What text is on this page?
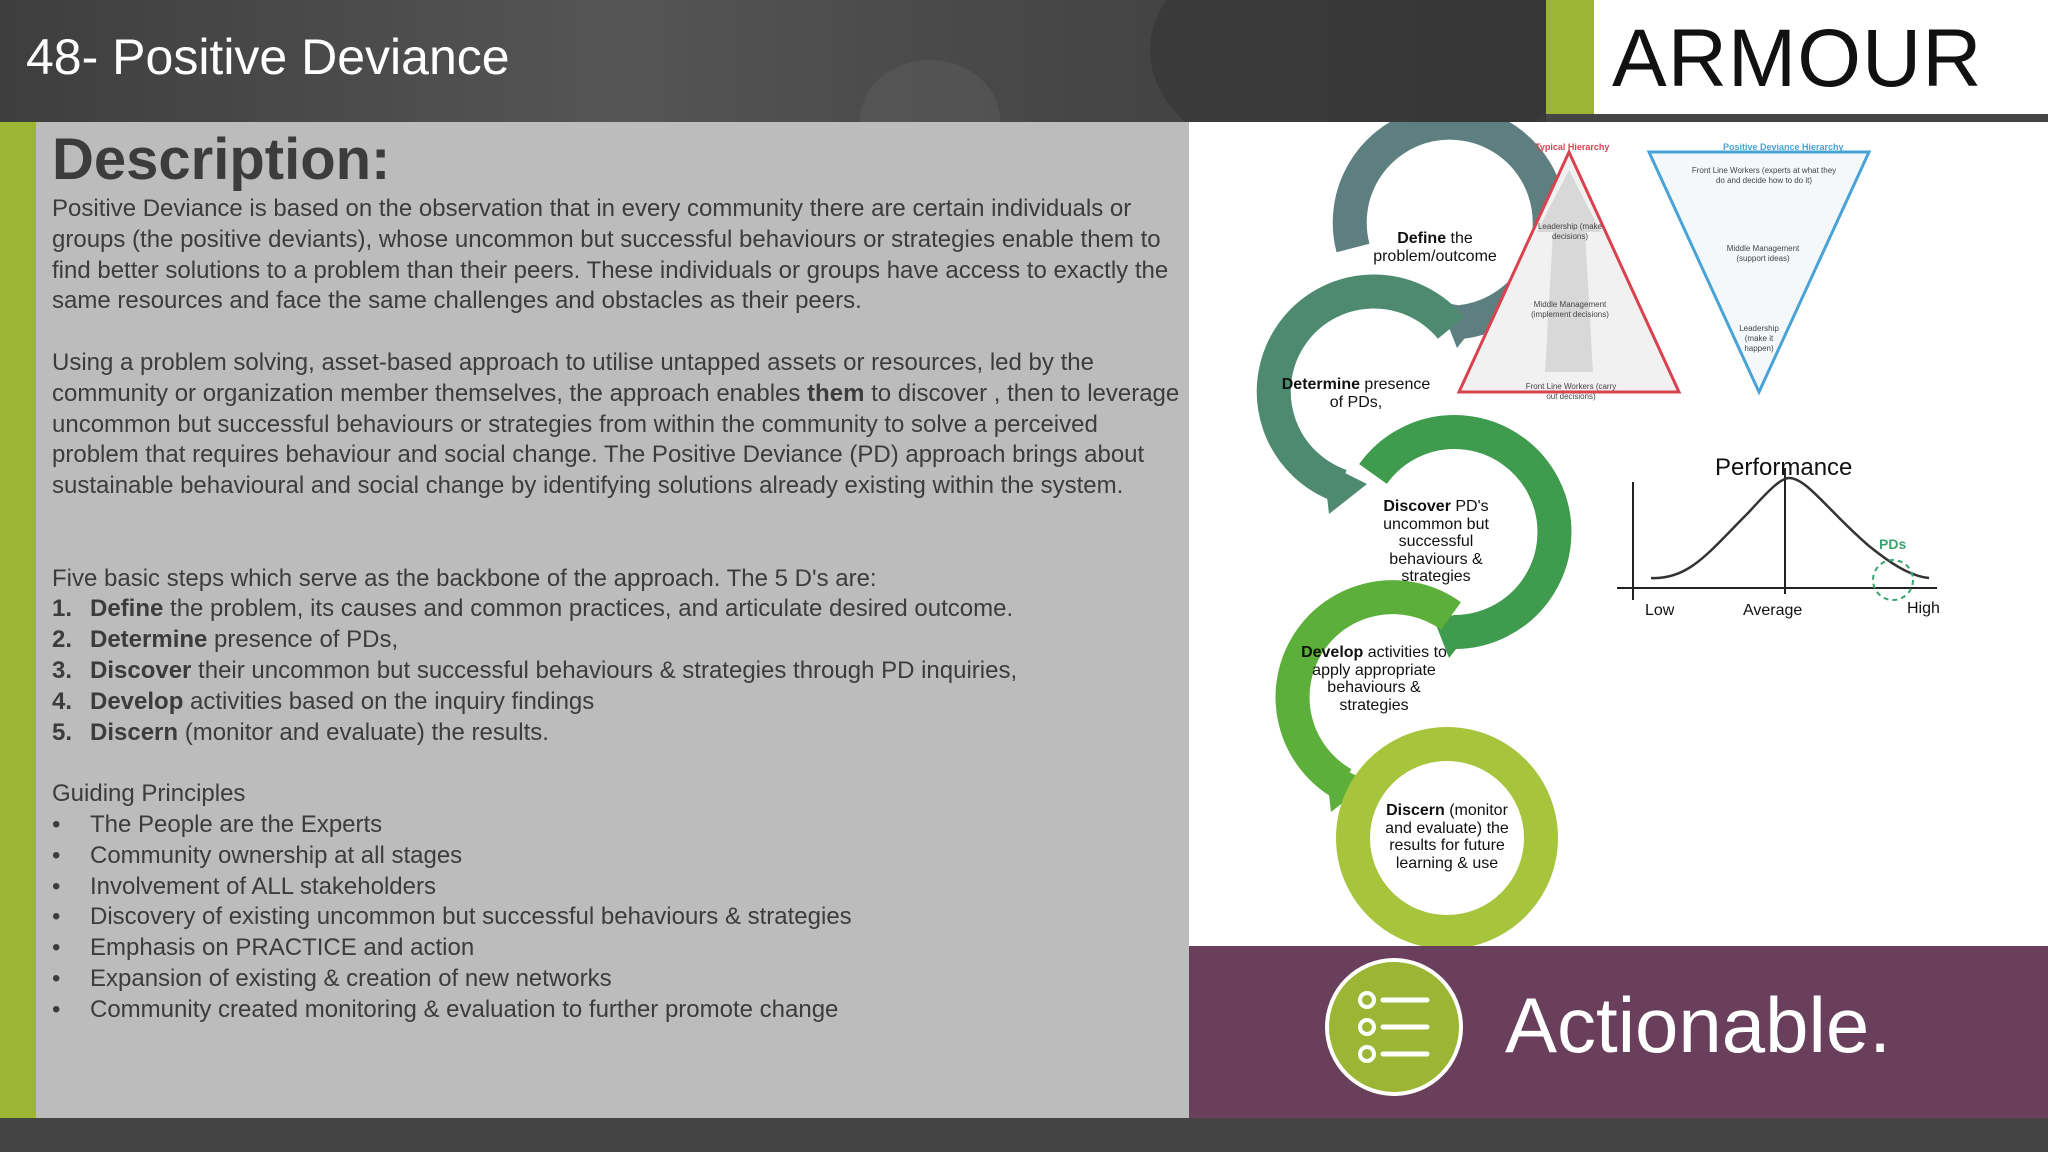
48- Positive Deviance	ARMOUR
Description:

Positive Deviance is based on the observation that in every community there are certain individuals or groups (the positive deviants), whose uncommon but successful behaviours or strategies enable them to find better solutions to a problem than their peers. These individuals or groups have access to exactly the same resources and face the same challenges and obstacles as their peers.

Using a problem solving, asset-based approach to utilise untapped assets or resources, led by the community or organization member themselves, the approach enables them to discover , then to leverage uncommon but successful behaviours or strategies from within the community to solve a perceived problem that requires behaviour and social change. The Positive Deviance (PD) approach brings about sustainable behavioural and social change by identifying solutions already existing within the system.

Five basic steps which serve as the backbone of the approach. The 5 D's are:

1. Define the problem, its causes and common practices, and articulate desired outcome.
2. Determine presence of PDs,
3. Discover their uncommon but successful behaviours & strategies through PD inquiries,
4. Develop activities based on the inquiry findings
5. Discern (monitor and evaluate) the results.

Guiding Principles

•	The People are the Experts
•	Community ownership at all stages
•	Involvement of ALL stakeholders
•	Discovery of existing uncommon but successful behaviours & strategies
•	Emphasis on PRACTICE and action
•	Expansion of existing & creation of new networks
•	Community created monitoring & evaluation to further promote change
Define the problem/outcome
Determine presence of PDs,
Discover PD's uncommon but successful behaviours & strategies
Develop activities to apply appropriate behaviours & strategies
Discern (monitor and evaluate) the results for future learning & use
Typical Hierarchy	Positive Deviance Hierarchy
Leadership (make decisions)
Middle Management (implement decisions)
Front Line Workers (carry out decisions)
Front Line Workers (experts at what they do and decide how to do it)
Middle Management (support ideas)
Leadership (make it happen)
Performance
Low	Average	High
PDs
Actionable.
